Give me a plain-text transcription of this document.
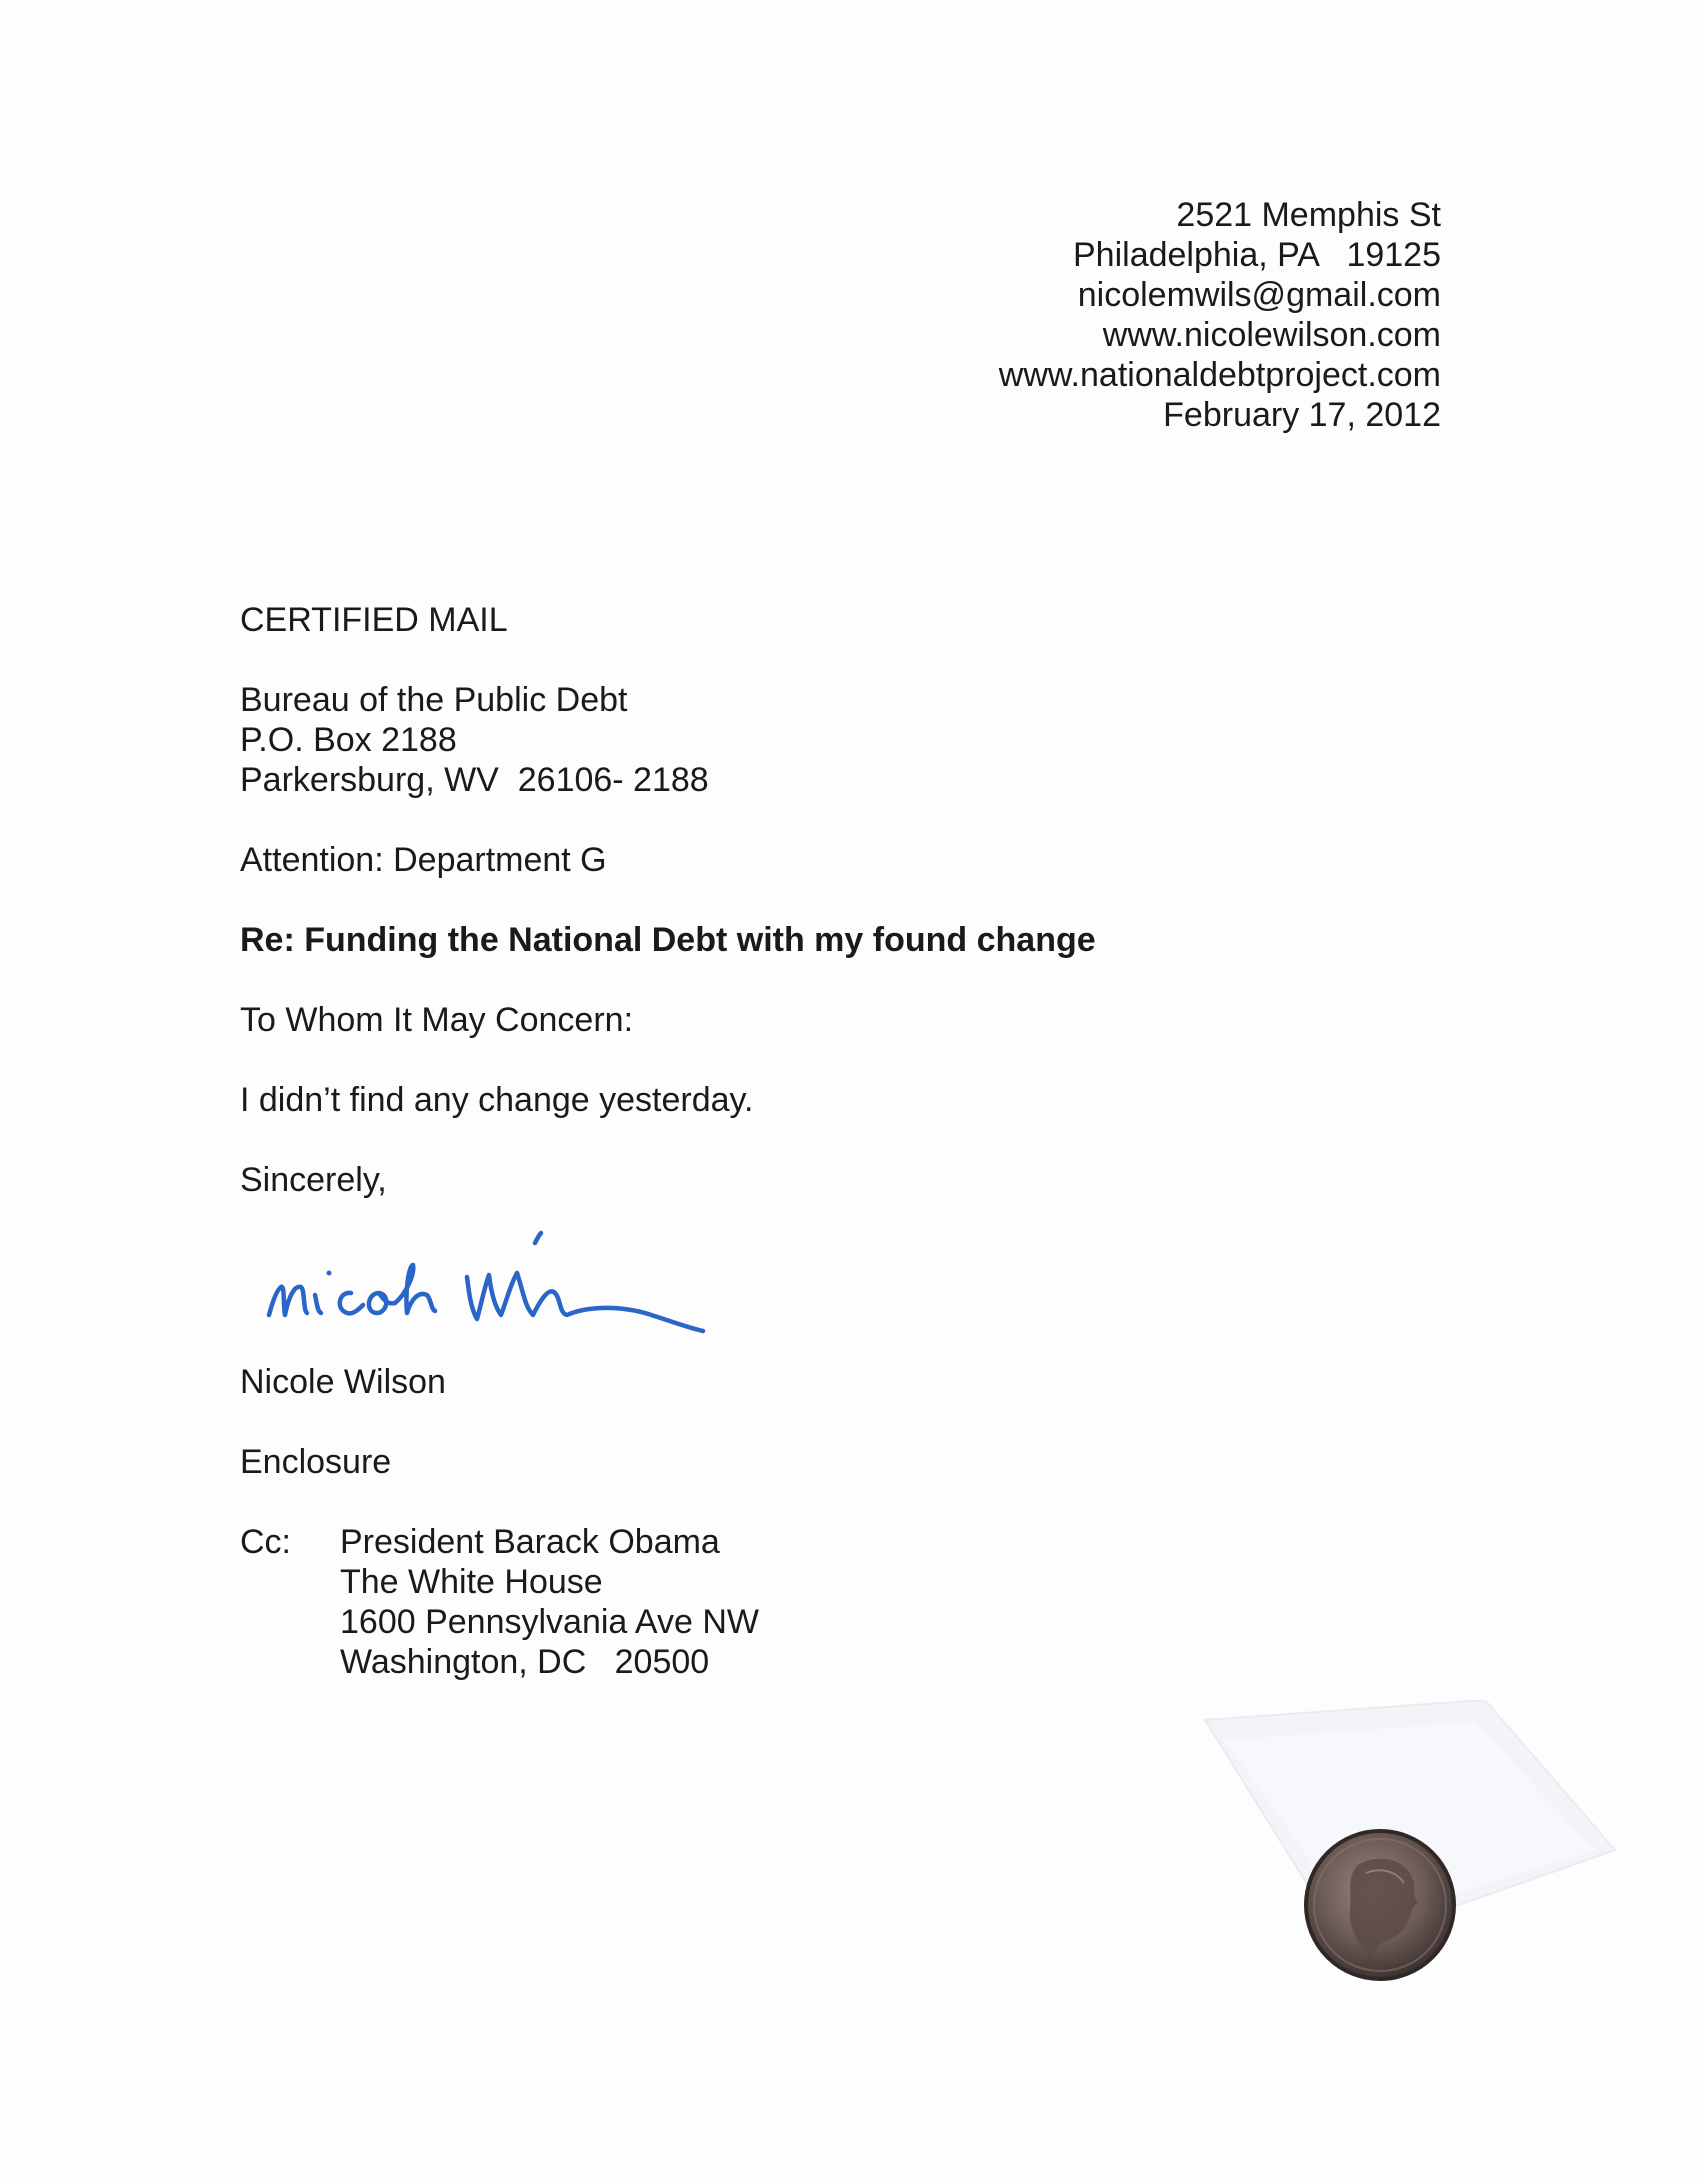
2521 Memphis St
Philadelphia, PA   19125
nicolemwils@gmail.com
www.nicolewilson.com
www.nationaldebtproject.com
February 17, 2012
CERTIFIED MAIL
Bureau of the Public Debt
P.O. Box 2188
Parkersburg, WV  26106- 2188
Attention: Department G
Re: Funding the National Debt with my found change
To Whom It May Concern:
I didn’t find any change yesterday.
Sincerely,
Nicole Wilson
Enclosure
Cc: President Barack Obama
The White House
1600 Pennsylvania Ave NW
Washington, DC   20500
